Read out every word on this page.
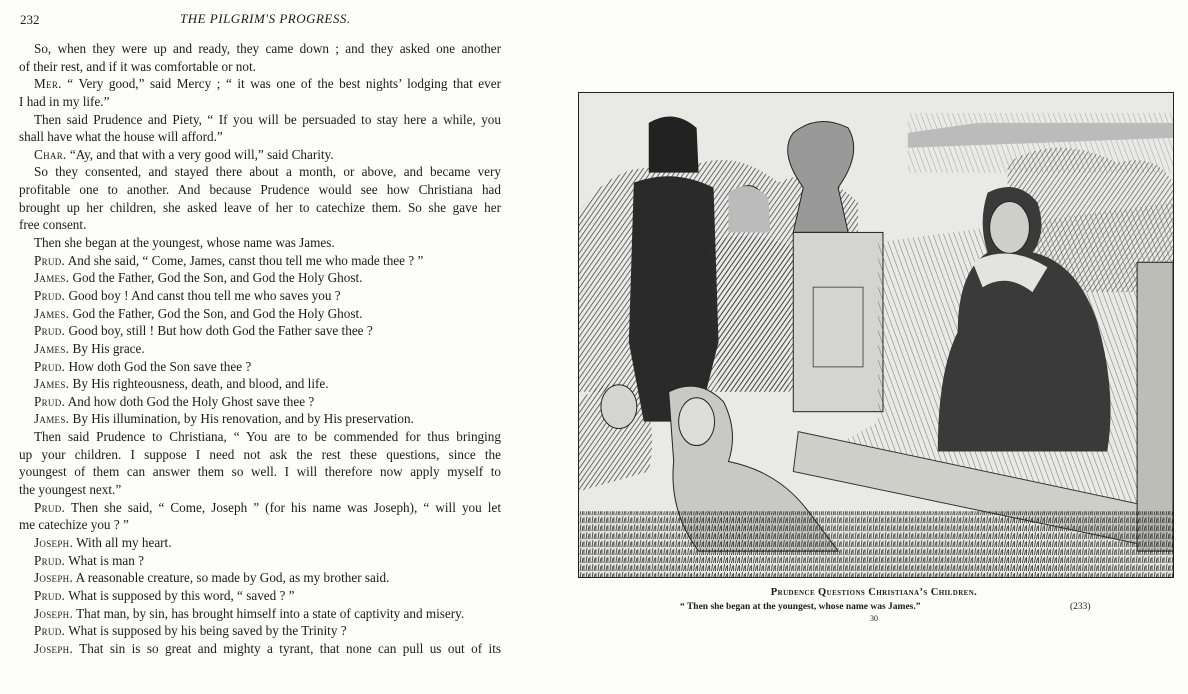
232	THE PILGRIM'S PROGRESS.
So, when they were up and ready, they came down ; and they asked one another
of their rest, and if it was comfortable or not.
Mer. “ Very good,” said Mercy ; “ it was one of the best nights’ lodging that ever
I had in my life.”
Then said Prudence and Piety, “ If you will be persuaded to stay here a while, you
shall have what the house will afford.”
Char. “Ay, and that with a very good will,” said Charity.
So they consented, and stayed there about a month, or above, and became very
profitable one to another. And because Prudence would see how Christiana had
brought up her children, she asked leave of her to catechize them. So she gave her
free consent.
Then she began at the youngest, whose name was James.
Prud. And she said, “ Come, James, canst thou tell me who made thee ? ”
James. God the Father, God the Son, and God the Holy Ghost.
Prud. Good boy ! And canst thou tell me who saves you ?
James. God the Father, God the Son, and God the Holy Ghost.
Prud. Good boy, still ! But how doth God the Father save thee ?
James. By His grace.
Prud. How doth God the Son save thee ?
James. By His righteousness, death, and blood, and life.
Prud. And how doth God the Holy Ghost save thee ?
James. By His illumination, by His renovation, and by His preservation.
Then said Prudence to Christiana, “ You are to be commended for thus bringing
up your children. I suppose I need not ask the rest these questions, since the
youngest of them can answer them so well. I will therefore now apply myself to
the youngest next.”
Prud. Then she said, “ Come, Joseph ” (for his name was Joseph), “ will you let
me catechize you ? ”
Joseph. With all my heart.
Prud. What is man ?
Joseph. A reasonable creature, so made by God, as my brother said.
Prud. What is supposed by this word, “ saved ? ”
Joseph. That man, by sin, has brought himself into a state of captivity and misery.
Prud. What is supposed by his being saved by the Trinity ?
Joseph. That sin is so great and mighty a tyrant, that none can pull us out of its
Prudence Questions Christiana’s Children.
“ Then she began at the youngest, whose name was James.”	(233)
30
